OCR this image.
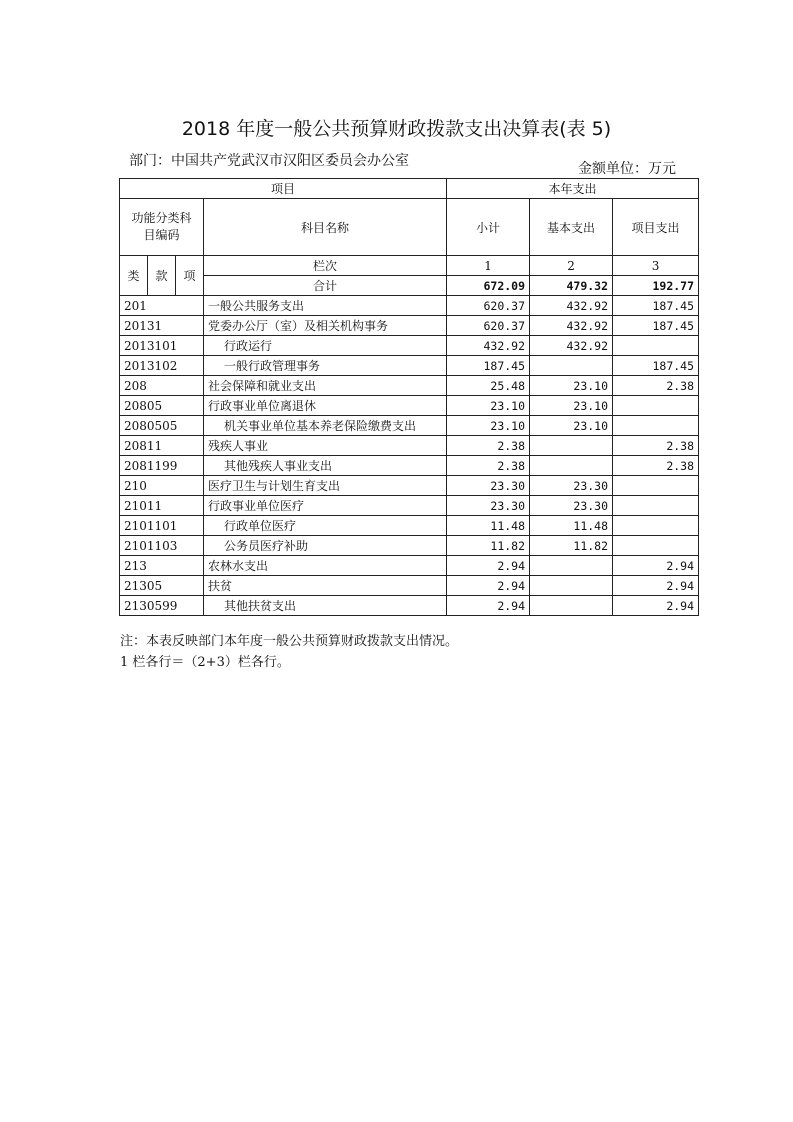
2018 年度一般公共预算财政拨款支出决算表(表 5)
部门：中国共产党武汉市汉阳区委员会办公室	金额单位：万元
项目				本年支出		
功能分类科目编码			科目名称	小计	基本支出	项目支出
类	款	项	栏次	1	2	3
			合计	672.09	479.32	192.77
201			一般公共服务支出	620.37	432.92	187.45
20131			党委办公厅（室）及相关机构事务	620.37	432.92	187.45
2013101			行政运行	432.92	432.92	
2013102			一般行政管理事务	187.45		187.45
208			社会保障和就业支出	25.48	23.10	2.38
20805			行政事业单位离退休	23.10	23.10	
2080505			机关事业单位基本养老保险缴费支出	23.10	23.10	
20811			残疾人事业	2.38		2.38
2081199			其他残疾人事业支出	2.38		2.38
210			医疗卫生与计划生育支出	23.30	23.30	
21011			行政事业单位医疗	23.30	23.30	
2101101			行政单位医疗	11.48	11.48	
2101103			公务员医疗补助	11.82	11.82	
213			农林水支出	2.94		2.94
21305			扶贫	2.94		2.94
2130599			其他扶贫支出	2.94		2.94
注：本表反映部门本年度一般公共预算财政拨款支出情况。
1 栏各行＝（2+3）栏各行。
